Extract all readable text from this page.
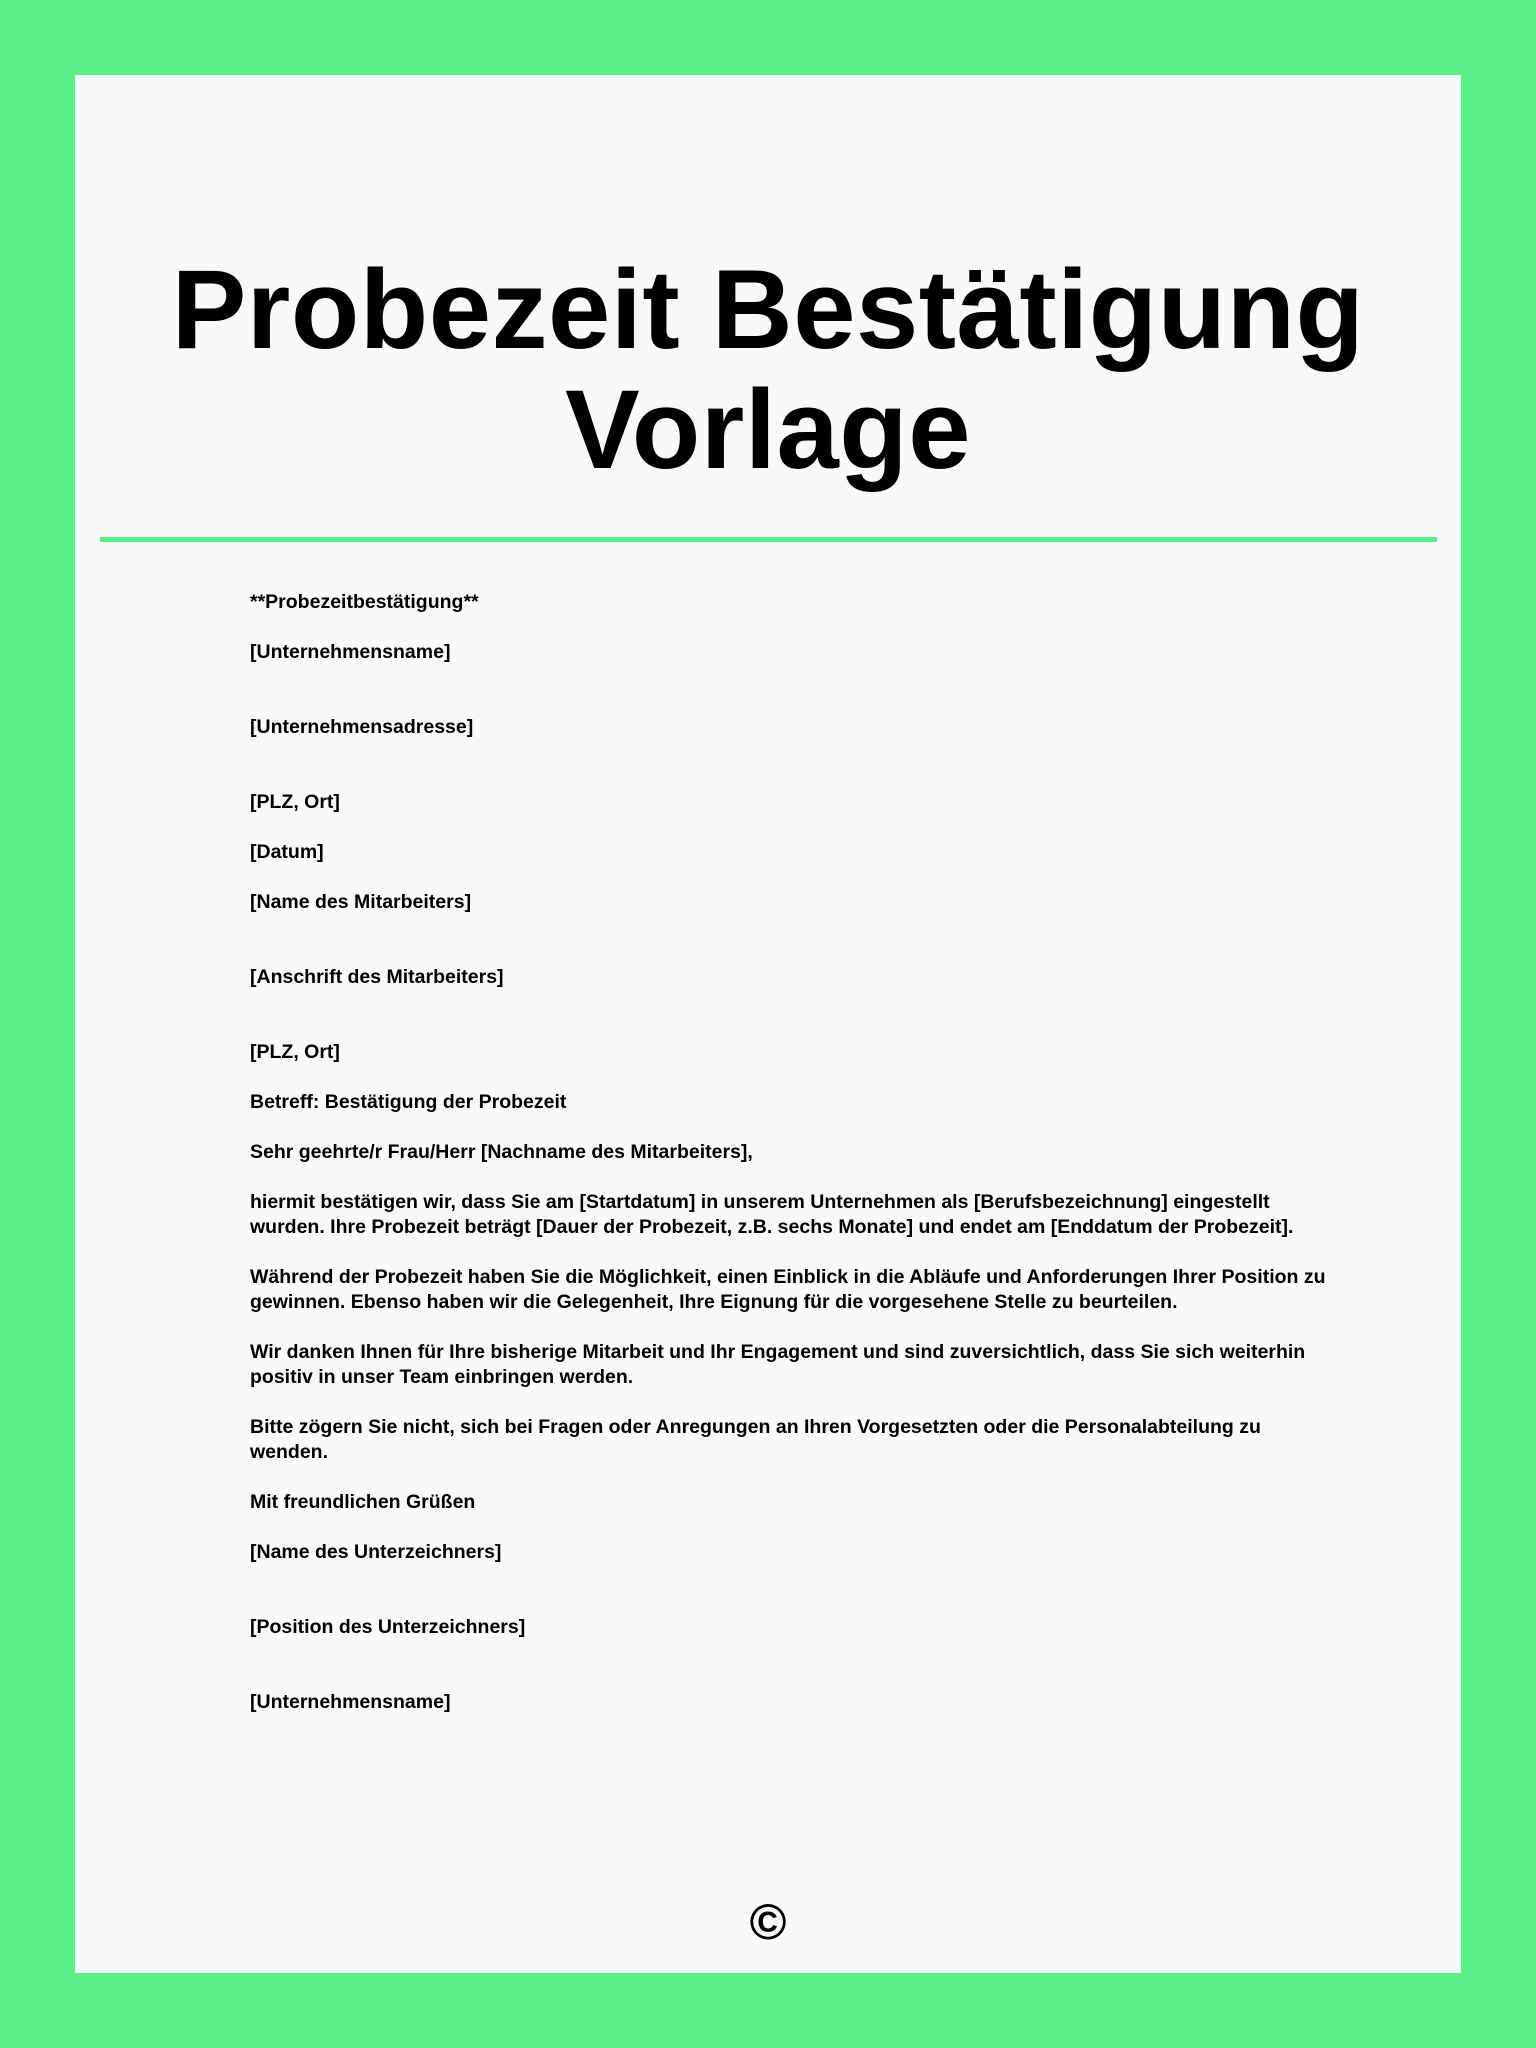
Probezeit Bestätigung
Vorlage

**Probezeitbestätigung**

[Unternehmensname]

[Unternehmensadresse]

[PLZ, Ort]

[Datum]

[Name des Mitarbeiters]

[Anschrift des Mitarbeiters]

[PLZ, Ort]

Betreff: Bestätigung der Probezeit

Sehr geehrte/r Frau/Herr [Nachname des Mitarbeiters],

hiermit bestätigen wir, dass Sie am [Startdatum] in unserem Unternehmen als [Berufsbezeichnung] eingestellt wurden. Ihre Probezeit beträgt [Dauer der Probezeit, z.B. sechs Monate] und endet am [Enddatum der Probezeit].

Während der Probezeit haben Sie die Möglichkeit, einen Einblick in die Abläufe und Anforderungen Ihrer Position zu gewinnen. Ebenso haben wir die Gelegenheit, Ihre Eignung für die vorgesehene Stelle zu beurteilen.

Wir danken Ihnen für Ihre bisherige Mitarbeit und Ihr Engagement und sind zuversichtlich, dass Sie sich weiterhin positiv in unser Team einbringen werden.

Bitte zögern Sie nicht, sich bei Fragen oder Anregungen an Ihren Vorgesetzten oder die Personalabteilung zu wenden.

Mit freundlichen Grüßen

[Name des Unterzeichners]

[Position des Unterzeichners]

[Unternehmensname]

©
